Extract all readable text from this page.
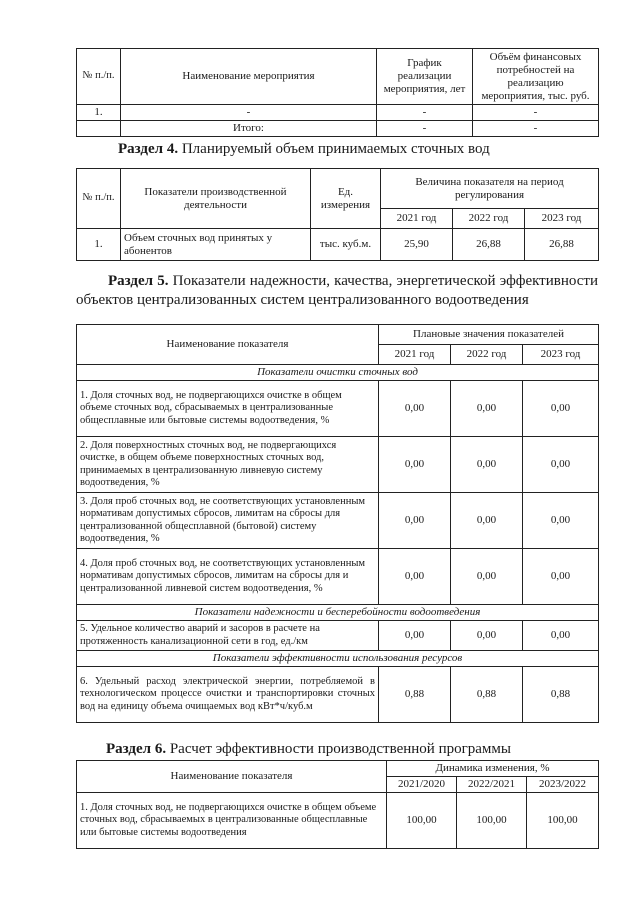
№ п./п.	Наименование мероприятия	График реализации мероприятия, лет	Объём финансовых потребностей на реализацию мероприятия, тыс. руб.
1.	-	-	-
	Итого:	-	-
Раздел 4. Планируемый объем принимаемых сточных вод
№ п./п.	Показатели производственной деятельности	Ед. измерения	Величина показателя на период регулирования		
			2021 год	2022 год	2023 год
1.	Объем сточных вод принятых у абонентов	тыс. куб.м.	25,90	26,88	26,88
Раздел 5. Показатели надежности, качества, энергетической эффективности объектов централизованных систем централизованного водоотведения
Наименование показателя	Плановые значения показателей		
	2021 год	2022 год	2023 год
Показатели очистки сточных вод			
1. Доля сточных вод, не подвергающихся очистке в общем объеме сточных вод, сбрасываемых в централизованные общесплавные или бытовые системы водоотведения, %	0,00	0,00	0,00
2. Доля поверхностных сточных вод, не подвергающихся очистке, в общем объеме поверхностных сточных вод, принимаемых в централизованную ливневую систему водоотведения, %	0,00	0,00	0,00
3. Доля проб сточных вод, не соответствующих установленным нормативам допустимых сбросов, лимитам на сбросы для централизованной общесплавной (бытовой) систему водоотведения, %	0,00	0,00	0,00
4. Доля проб сточных вод, не соответствующих установленным нормативам допустимых сбросов, лимитам на сбросы для и централизованной ливневой систем водоотведения, %	0,00	0,00	0,00
Показатели надежности и бесперебойности водоотведения			
5. Удельное количество аварий и засоров в расчете на протяженность канализационной сети в год, ед./км	0,00	0,00	0,00
Показатели эффективности использования ресурсов			
6. Удельный расход электрической энергии, потребляемой в технологическом процессе очистки и транспортировки сточных вод на единицу объема очищаемых вод кВт*ч/куб.м	0,88	0,88	0,88
Раздел 6. Расчет эффективности производственной программы
Наименование показателя	Динамика изменения, %		
	2021/2020	2022/2021	2023/2022
1. Доля сточных вод, не подвергающихся очистке в общем объеме сточных вод, сбрасываемых в централизованные общесплавные или бытовые системы водоотведения	100,00	100,00	100,00
